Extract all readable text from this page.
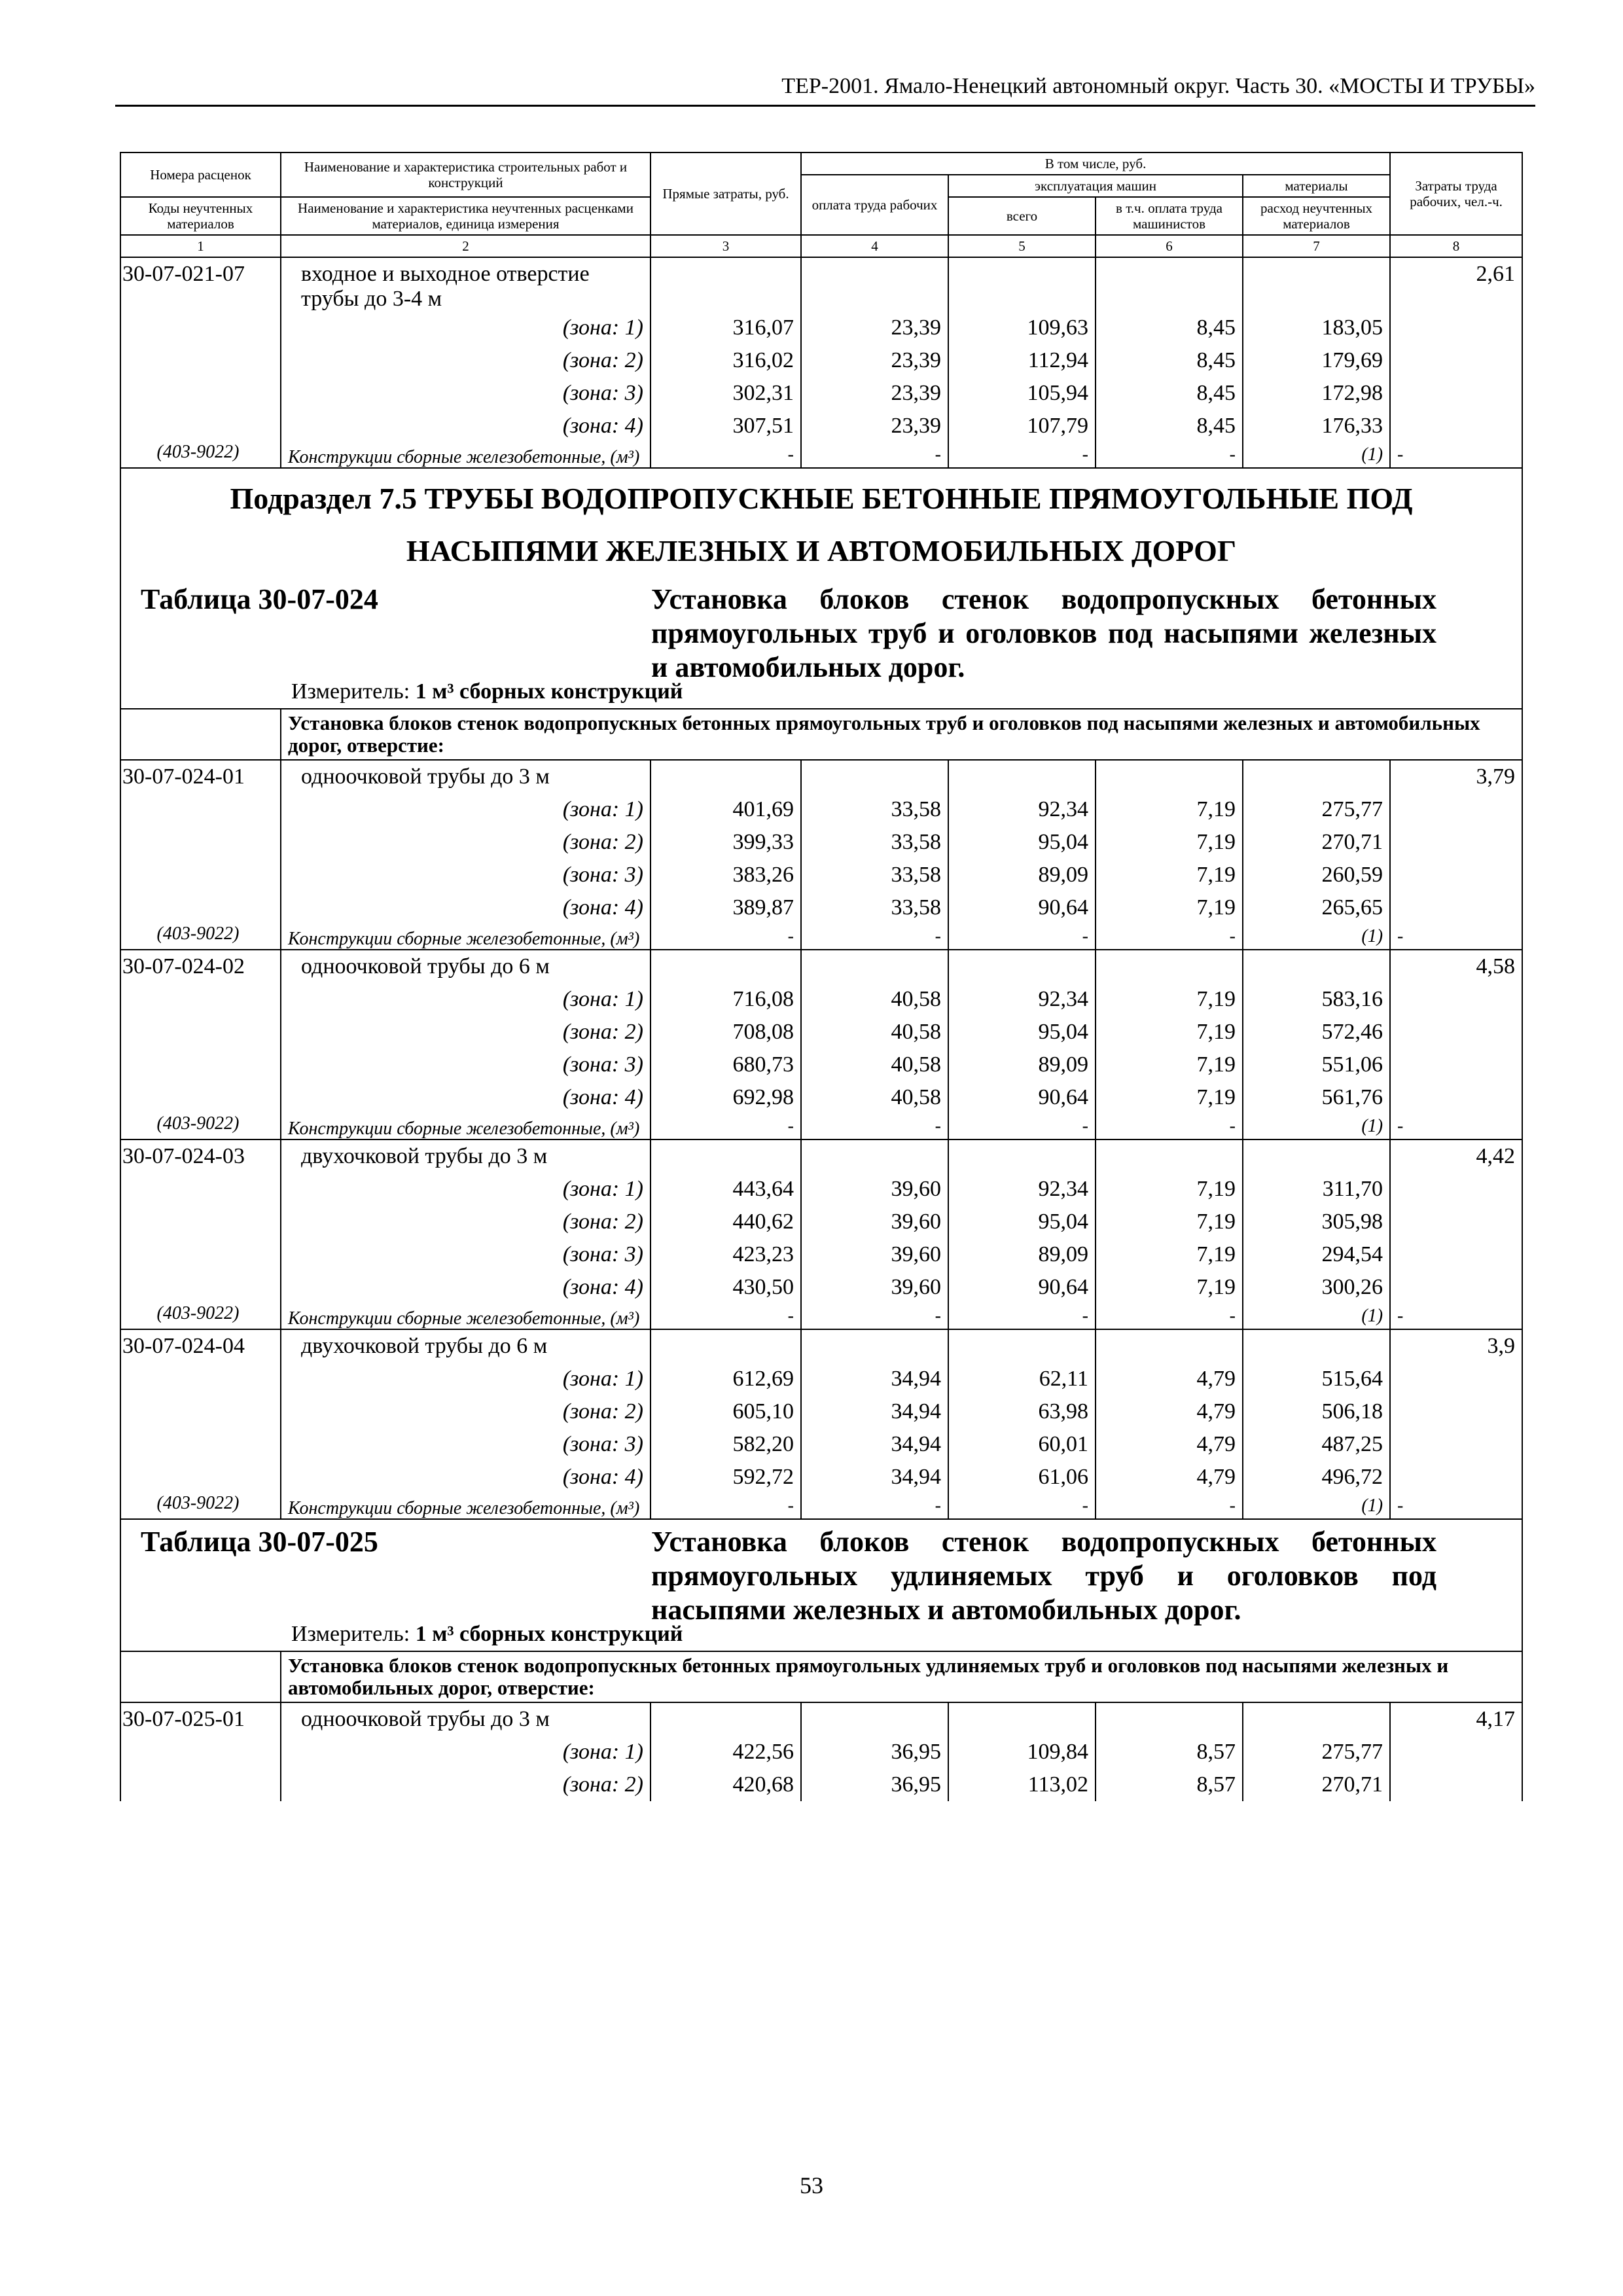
ТЕР-2001. Ямало-Ненецкий автономный округ. Часть 30. «МОСТЫ И ТРУБЫ»
Номера расценок	Наименование и характеристика строительных работ и конструкций	Прямые затраты, руб.	В том числе, руб.				Затраты труда рабочих, чел.-ч.
			оплата труда рабочих	эксплуатация машин		материалы	
				всего	в т.ч. оплата труда машинистов	расход неучтенных материалов	
Коды неучтенных материалов	Наименование и характеристика неучтенных расценками материалов, единица измерения						
1	2	3	4	5	6	7	8
30-07-021-07	входное и выходное отверстие трубы до 3-4 м						2,61
	(зона: 1)	316,07	23,39	109,63	8,45	183,05	
	(зона: 2)	316,02	23,39	112,94	8,45	179,69	
	(зона: 3)	302,31	23,39	105,94	8,45	172,98	
	(зона: 4)	307,51	23,39	107,79	8,45	176,33	
(403-9022)	Конструкции сборные железобетонные, (м³)	-	-	-	-	(1)	-

Подраздел 7.5 ТРУБЫ ВОДОПРОПУСКНЫЕ БЕТОННЫЕ ПРЯМОУГОЛЬНЫЕ ПОД
НАСЫПЯМИ ЖЕЛЕЗНЫХ И АВТОМОБИЛЬНЫХ ДОРОГ							

Таблица 30-07-024 Установка блоков стенок водопропускных бетонных прямоугольных труб и оголовков под насыпями железных и автомобильных дорог.
Измеритель: 1 м³ сборных конструкций							

	Установка блоков стенок водопропускных бетонных прямоугольных труб и оголовков под насыпями железных и автомобильных дорог, отверстие:						
30-07-024-01	одноочковой трубы до 3 м						3,79
	(зона: 1)	401,69	33,58	92,34	7,19	275,77	
	(зона: 2)	399,33	33,58	95,04	7,19	270,71	
	(зона: 3)	383,26	33,58	89,09	7,19	260,59	
	(зона: 4)	389,87	33,58	90,64	7,19	265,65	
(403-9022)	Конструкции сборные железобетонные, (м³)	-	-	-	-	(1)	-
30-07-024-02	одноочковой трубы до 6 м						4,58
	(зона: 1)	716,08	40,58	92,34	7,19	583,16	
	(зона: 2)	708,08	40,58	95,04	7,19	572,46	
	(зона: 3)	680,73	40,58	89,09	7,19	551,06	
	(зона: 4)	692,98	40,58	90,64	7,19	561,76	
(403-9022)	Конструкции сборные железобетонные, (м³)	-	-	-	-	(1)	-
30-07-024-03	двухочковой трубы до 3 м						4,42
	(зона: 1)	443,64	39,60	92,34	7,19	311,70	
	(зона: 2)	440,62	39,60	95,04	7,19	305,98	
	(зона: 3)	423,23	39,60	89,09	7,19	294,54	
	(зона: 4)	430,50	39,60	90,64	7,19	300,26	
(403-9022)	Конструкции сборные железобетонные, (м³)	-	-	-	-	(1)	-
30-07-024-04	двухочковой трубы до 6 м						3,9
	(зона: 1)	612,69	34,94	62,11	4,79	515,64	
	(зона: 2)	605,10	34,94	63,98	4,79	506,18	
	(зона: 3)	582,20	34,94	60,01	4,79	487,25	
	(зона: 4)	592,72	34,94	61,06	4,79	496,72	
(403-9022)	Конструкции сборные железобетонные, (м³)	-	-	-	-	(1)	-

Таблица 30-07-025 Установка блоков стенок водопропускных бетонных прямоугольных удлиняемых труб и оголовков под насыпями железных и автомобильных дорог.
Измеритель: 1 м³ сборных конструкций							

	Установка блоков стенок водопропускных бетонных прямоугольных удлиняемых труб и оголовков под насыпями железных и автомобильных дорог, отверстие:						
30-07-025-01	одноочковой трубы до 3 м						4,17
	(зона: 1)	422,56	36,95	109,84	8,57	275,77	
	(зона: 2)	420,68	36,95	113,02	8,57	270,71	
53
